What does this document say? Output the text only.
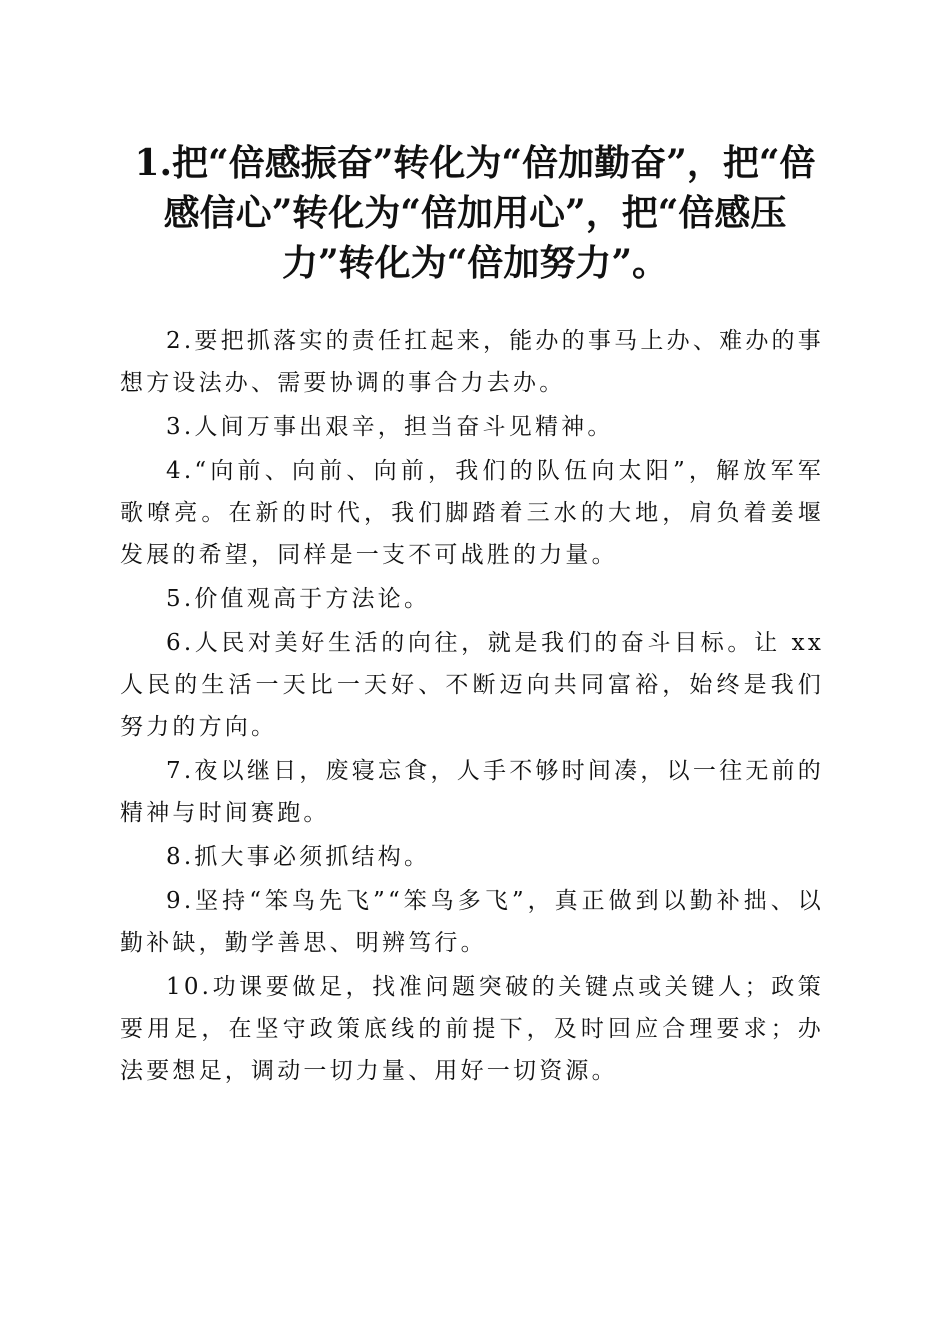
1.把“倍感振奋”转化为“倍加勤奋”，把“倍感信心”转化为“倍加用心”，把“倍感压力”转化为“倍加努力”。

2.要把抓落实的责任扛起来，能办的事马上办、难办的事想方设法办、需要协调的事合力去办。

3.人间万事出艰辛，担当奋斗见精神。

4.“向前、向前、向前，我们的队伍向太阳”，解放军军歌嘹亮。在新的时代，我们脚踏着三水的大地，肩负着姜堰发展的希望，同样是一支不可战胜的力量。

5.价值观高于方法论。

6.人民对美好生活的向往，就是我们的奋斗目标。让 xx 人民的生活一天比一天好、不断迈向共同富裕，始终是我们努力的方向。

7.夜以继日，废寝忘食，人手不够时间凑，以一往无前的精神与时间赛跑。

8.抓大事必须抓结构。

9.坚持“笨鸟先飞”“笨鸟多飞”，真正做到以勤补拙、以勤补缺，勤学善思、明辨笃行。

10.功课要做足，找准问题突破的关键点或关键人；政策要用足，在坚守政策底线的前提下，及时回应合理要求；办法要想足，调动一切力量、用好一切资源。
